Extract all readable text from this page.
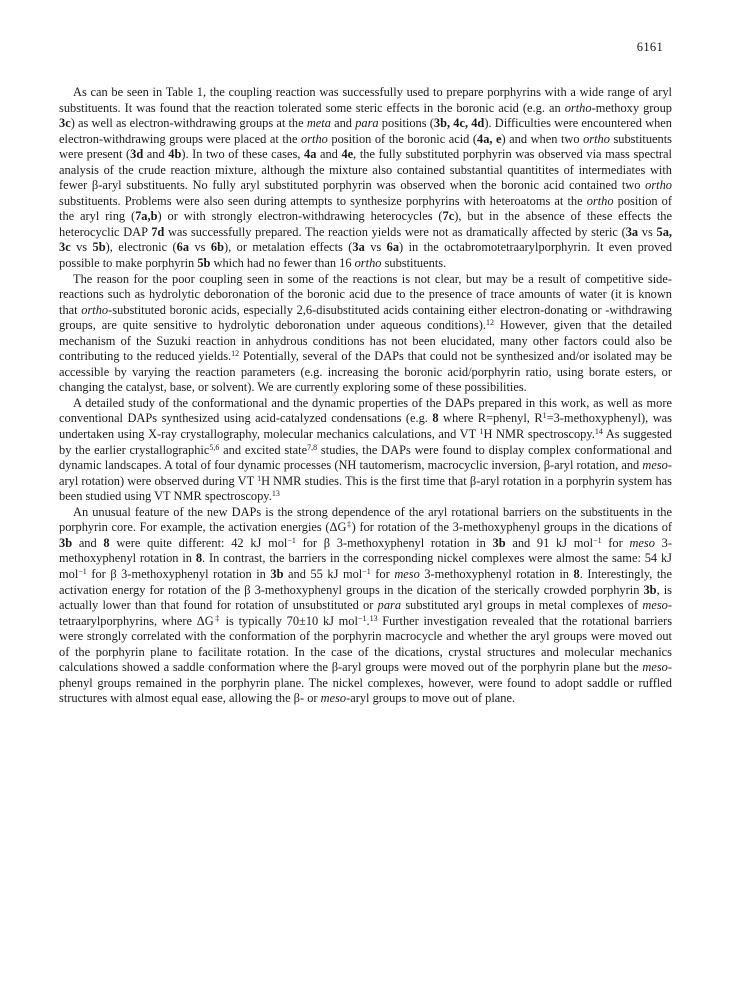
6161

As can be seen in Table 1, the coupling reaction was successfully used to prepare porphyrins with a wide range of aryl substituents. It was found that the reaction tolerated some steric effects in the boronic acid (e.g. an ortho-methoxy group 3c) as well as electron-withdrawing groups at the meta and para positions (3b, 4c, 4d). Difficulties were encountered when electron-withdrawing groups were placed at the ortho position of the boronic acid (4a, e) and when two ortho substituents were present (3d and 4b). In two of these cases, 4a and 4e, the fully substituted porphyrin was observed via mass spectral analysis of the crude reaction mixture, although the mixture also contained substantial quantitites of intermediates with fewer β-aryl substituents. No fully aryl substituted porphyrin was observed when the boronic acid contained two ortho substituents. Problems were also seen during attempts to synthesize porphyrins with heteroatoms at the ortho position of the aryl ring (7a,b) or with strongly electron-withdrawing heterocycles (7c), but in the absence of these effects the heterocyclic DAP 7d was successfully prepared. The reaction yields were not as dramatically affected by steric (3a vs 5a, 3c vs 5b), electronic (6a vs 6b), or metalation effects (3a vs 6a) in the octabromotetraarylporphyrin. It even proved possible to make porphyrin 5b which had no fewer than 16 ortho substituents.

The reason for the poor coupling seen in some of the reactions is not clear, but may be a result of competitive side-reactions such as hydrolytic deboronation of the boronic acid due to the presence of trace amounts of water (it is known that ortho-substituted boronic acids, especially 2,6-disubstituted acids containing either electron-donating or -withdrawing groups, are quite sensitive to hydrolytic deboronation under aqueous conditions).$^{12}$ However, given that the detailed mechanism of the Suzuki reaction in anhydrous conditions has not been elucidated, many other factors could also be contributing to the reduced yields.$^{12}$ Potentially, several of the DAPs that could not be synthesized and/or isolated may be accessible by varying the reaction parameters (e.g. increasing the boronic acid/porphyrin ratio, using borate esters, or changing the catalyst, base, or solvent). We are currently exploring some of these possibilities.

A detailed study of the conformational and the dynamic properties of the DAPs prepared in this work, as well as more conventional DAPs synthesized using acid-catalyzed condensations (e.g. 8 where R=phenyl, $R^1=3-methoxyphenyl$), was undertaken using X-ray crystallography, molecular mechanics calculations, and VT $^1$H NMR spectroscopy.$^{14}$ As suggested by the earlier crystallographic$^{5,6}$ and excited state$^{7,8}$ studies, the DAPs were found to display complex conformational and dynamic landscapes. A total of four dynamic processes (NH tautomerism, macrocyclic inversion, β-aryl rotation, and meso-aryl rotation) were observed during VT $^1$H NMR studies. This is the first time that β-aryl rotation in a porphyrin system has been studied using VT NMR spectroscopy.$^{13}$

An unusual feature of the new DAPs is the strong dependence of the aryl rotational barriers on the substituents in the porphyrin core. For example, the activation energies (ΔG‡) for rotation of the 3-methoxyphenyl groups in the dications of 3b and 8 were quite different: 42 kJ mol$^{-1}$ for β 3-methoxyphenyl rotation in 3b and 91 kJ mol$^{-1}$ for meso 3-methoxyphenyl rotation in 8. In contrast, the barriers in the corresponding nickel complexes were almost the same: 54 kJ mol$^{-1}$ for β 3-methoxyphenyl rotation in 3b and 55 kJ mol$^{-1}$ for meso 3-methoxyphenyl rotation in 8. Interestingly, the activation energy for rotation of the β 3-methoxyphenyl groups in the dication of the sterically crowded porphyrin 3b, is actually lower than that found for rotation of unsubstituted or para substituted aryl groups in metal complexes of meso-tetraarylporphyrins, where ΔG‡ is typically 70±10 kJ mol$^{-1}$.$^{13}$ Further investigation revealed that the rotational barriers were strongly correlated with the conformation of the porphyrin macrocycle and whether the aryl groups were moved out of the porphyrin plane to facilitate rotation. In the case of the dications, crystal structures and molecular mechanics calculations showed a saddle conformation where the β-aryl groups were moved out of the porphyrin plane but the meso-phenyl groups remained in the porphyrin plane. The nickel complexes, however, were found to adopt saddle or ruffled structures with almost equal ease, allowing the β- or meso-aryl groups to move out of plane.
